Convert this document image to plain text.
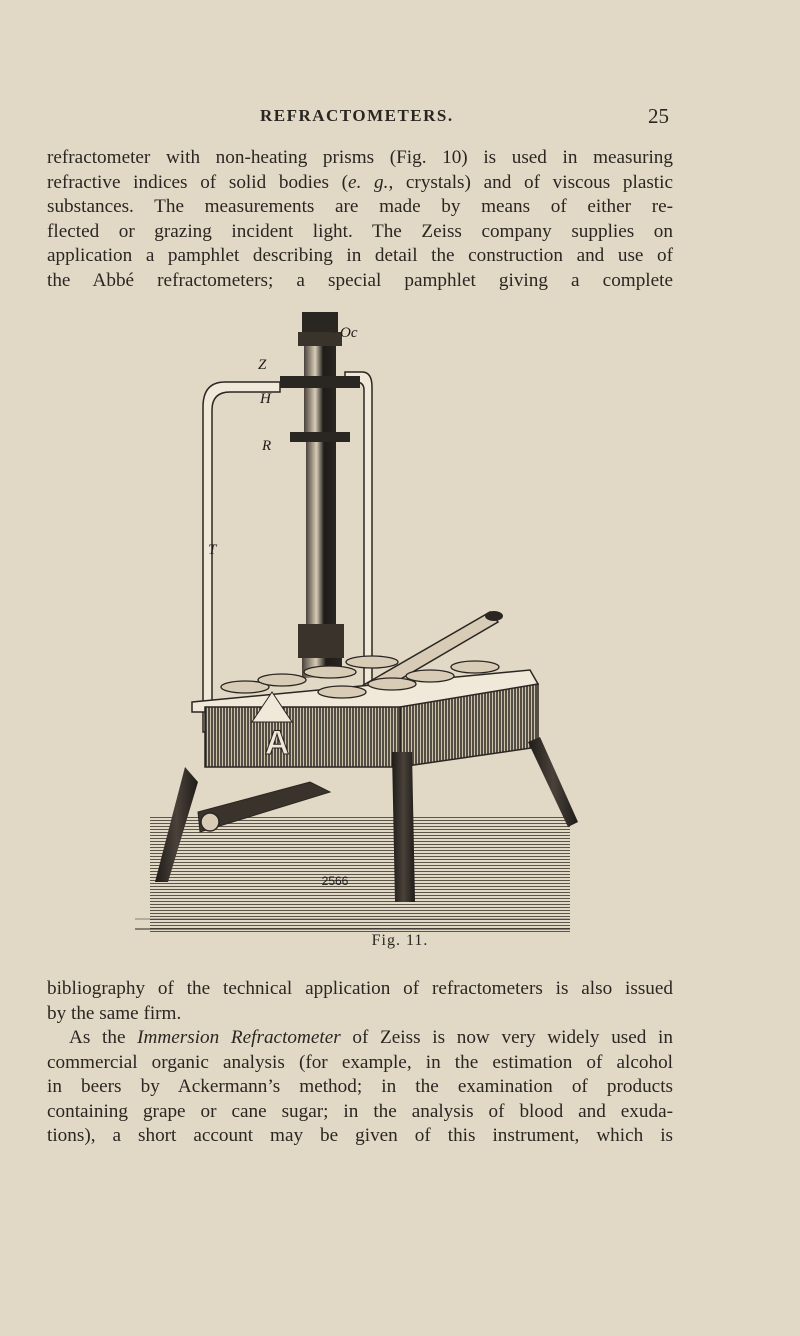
REFRACTOMETERS.	25
refractometer with non-heating prisms (Fig. 10) is used in measuring
refractive indices of solid bodies (e. g., crystals) and of viscous plastic
substances. The measurements are made by means of either re-
flected or grazing incident light. The Zeiss company supplies on
application a pamphlet describing in detail the construction and use of
the Abbé refractometers; a special pamphlet giving a complete
Oc
Z
H
R
T
A
2566
Fig. 11.
bibliography of the technical application of refractometers is also issued
by the same firm.
As the Immersion Refractometer of Zeiss is now very widely used in
commercial organic analysis (for example, in the estimation of alcohol
in beers by Ackermann’s method; in the examination of products
containing grape or cane sugar; in the analysis of blood and exuda-
tions), a short account may be given of this instrument, which is
